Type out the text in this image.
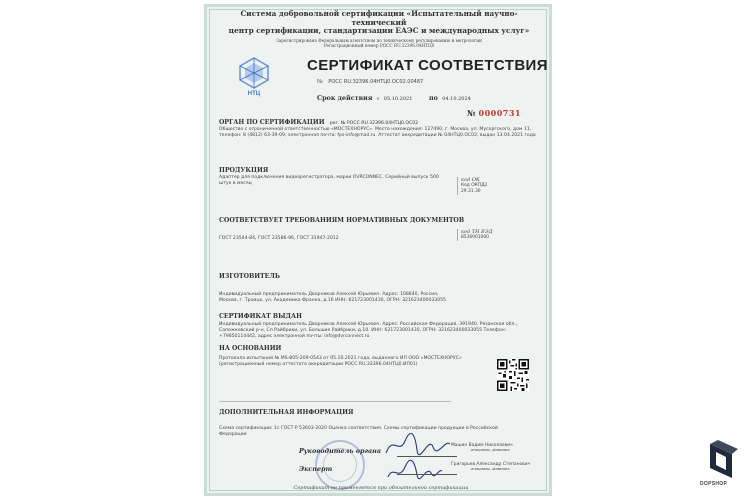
Система добровольной сертификации «Испытательный научно-технический
центр сертификации, стандартизации ЕАЭС и международных услуг»
Зарегистрирована Федеральным агентством по техническому регулированию и метрологии
Регистрационный номер РОСС RU.32396.04НТЦ0
НТЦ
СЕРТИФИКАТ СООТВЕТСТВИЯ
№ РОСС RU.32396.04НТЦ0.ОС02.00487
Срок действия с 05.10.2021	по 04.10.2024
№ 0000731
ОРГАН ПО СЕРТИФИКАЦИИ рег. № РОСС RU.32396.04НТЦ0.ОС02
Общество с ограниченной ответственностью «МОСТЕХНОРУС». Место нахождения: 127490, г. Москва, ул. Мусоргского, дом 11, телефон: 8 (4812) 63-39-09, электронная почта: fps-info@mail.ru. Аттестат аккредитации № 04НТЦ0.ОС02, выдан 13.04.2021 года
ПРОДУКЦИЯ
Адаптер для подключения видеорегистратора, марки OVRCONNEC. Серийный выпуск 500 штук в месяц
код ОК
Код ОКПД2
29.31.30
СООТВЕТСТВУЕТ ТРЕБОВАНИЯМ НОРМАТИВНЫХ ДОКУМЕНТОВ
ГОСТ 23544-84, ГОСТ 23586-96, ГОСТ 31947-2012
код ТН ВЭД
8536901000
ИЗГОТОВИТЕЛЬ
Индивидуальный предприниматель Дворников Алексей Юрьевич. Адрес: 108840, Россия, Москва, г. Троицк, ул. Академика Франка, д.16 ИНН: 621723001430, ОГРН: 321623400033055
СЕРТИФИКАТ ВЫДАН
Индивидуальный предприниматель Дворников Алексей Юрьевич. Адрес: Российская Федерация, 391940, Рязанская обл., Сапожковский р-н, Сп Райбрики, ул. Большие Райбрики, д.10. ИНН: 621723001430, ОГРН: 321623400033055 Телефон: +79850114442, адрес электронной почты: info@dvrconnect.ru
НА ОСНОВАНИИ
Протокола испытаний № MS-805-209-0543 от 05.10.2021 года, выданного ИЛ ООО «МОСТЕХНОРУС» (регистрационный номер аттестата аккредитации РОСС RU.32396.04НТЦ0.ИЛ01)
ДОПОЛНИТЕЛЬНАЯ ИНФОРМАЦИЯ
Схема сертификации: 1с ГОСТ Р 53603-2020 Оценка соответствия. Схемы сертификации продукции в Российской Федерации
Руководитель органа
Машин Вадим Николаевич
инициалы, фамилия
Эксперт
Григорьев Александр Степанович
инициалы, фамилия
Сертификат не применяется при обязательной сертификации
DOPSHOP
